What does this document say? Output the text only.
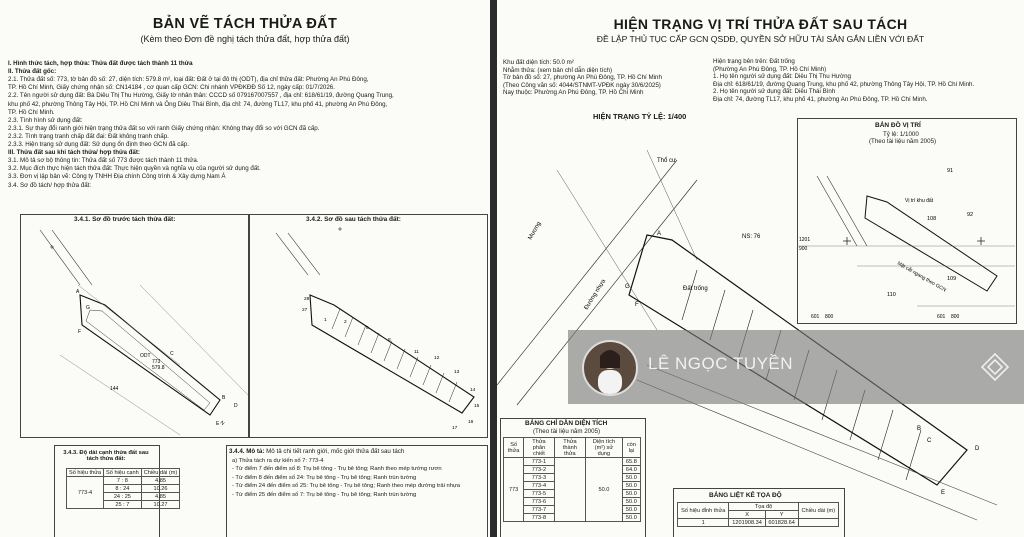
BẢN VẼ TÁCH THỬA ĐẤT
(Kèm theo Đơn đề nghị tách thửa đất, hợp thửa đất)
I. Hình thức tách, hợp thửa: Thửa đất được tách thành 11 thửa
II. Thửa đất gốc:
2.1. Thửa đất số: 773, tờ bản đồ số: 27, diện tích: 579.8 m², loại đất: Đất ở tại đô thị (ODT), địa chỉ thửa đất: Phường An Phú Đông,
TP. Hồ Chí Minh, Giấy chứng nhận số: CN14184 , cơ quan cấp GCN: Chi nhánh VPĐKĐĐ Số 12, ngày cấp: 01/7/2026.
2.2. Tên người sử dụng đất: Bà Diêu Thị Thu Hường, Giấy tờ nhân thân: CCCD số 079167007557 , địa chỉ: 618/61/19, đường Quang Trung,
khu phố 42, phường Thông Tây Hội, TP. Hồ Chí Minh và Ông Diêu Thái Bình, địa chỉ: 74, đường TL17, khu phố 41, phường An Phú Đông,
TP. Hồ Chí Minh.
2.3. Tình hình sử dụng đất:
2.3.1. Sự thay đổi ranh giới hiện trạng thửa đất so với ranh Giấy chứng nhận: Không thay đổi so với GCN đã cấp.
2.3.2. Tình trạng tranh chấp đất đai: Đất không tranh chấp.
2.3.3. Hiện trạng sử dụng đất: Sử dụng ổn định theo GCN đã cấp.
III. Thửa đất sau khi tách thửa/ hợp thửa đất:
3.1. Mô tả sơ bộ thông tin: Thửa đất số 773 được tách thành 11 thửa.
3.2. Mục đích thực hiện tách thửa đất: Thực hiện quyền và nghĩa vụ của người sử dụng đất.
3.3. Đơn vị lập bản vẽ: Công ty TNHH Địa chính Công trình & Xây dựng Nam Á
3.4. Sơ đồ tách/ hợp thửa đất:
3.4.1. Sơ đồ trước tách thửa đất:
ODT
773
579.8
144
A
B
C
D
E
F
G
N
3.4.2. Sơ đồ sau tách thửa đất:
28
27
1	2
5
8
11
12
13
14
15
16
17
3.4.3. Độ dài cạnh thửa đất sau tách thửa đất:
Số hiệu thửa	Số hiệu cạnh	Chiều dài (m)
773-4	7 : 8	4.85
	8 : 24	10.26
	24 : 25	4.85
	25 : 7	10.27
3.4.4. Mô tả: Mô tả chi tiết ranh giới, mốc giới thửa đất sau tách
a) Thửa tách ra dự kiến số 7: 773-4
- Từ điểm 7 đến điểm số 8: Trụ bê tông - Trụ bê tông; Ranh theo mép tường rươn
- Từ điểm 8 đến điểm số 24: Trụ bê tông - Trụ bê tông; Ranh trùn tường
- Từ điểm 24 đến điểm số 25: Trụ bê tông - Trụ bê tông; Ranh theo mép đường trải nhựa
- Từ điểm 25 đến điểm số 7: Trụ bê tông - Trụ bê tông; Ranh trùn tường
HIỆN TRẠNG VỊ TRÍ THỬA ĐẤT SAU TÁCH
ĐỀ LẬP THỦ TỤC CẤP GCN QSDĐ, QUYỀN SỞ HỮU TÀI SẢN GẮN LIỀN VỚI ĐẤT
Khu đất diện tích: 50.0 m²
Nhằm thửa: (xem bản chỉ dẫn diện tích)
Tờ bản đồ số: 27, phường An Phú Đông, TP. Hồ Chí Minh
(Theo Công văn số: 4044/STNMT-VPĐK ngày 30/6/2025)
Nay thuộc: Phường An Phú Đông, TP. Hồ Chí Minh
Hiện trạng bên trên: Đất trống
(Phường An Phú Đông, TP. Hồ Chí Minh)
1. Họ tên người sử dụng đất: Diêu Thị Thu Hường
Địa chỉ: 618/61/19, đường Quang Trung, khu phố 42, phường Thông Tây Hội, TP. Hồ Chí Minh.
2. Họ tên người sử dụng đất: Diêu Thái Bình
Địa chỉ: 74, đường TL17, khu phố 41, phường An Phú Đông, TP. Hồ Chí Minh.
HIỆN TRẠNG TỶ LỆ: 1/400
Thổ cư
Đất trống
NS: 76
Mương
Đường nhựa
A
B
C
D
E
F
G
BẢN ĐỒ VỊ TRÍ
Tỷ lệ: 1/1000
(Theo tài liệu năm 2005)
91
92
108
109
110
Vị trí khu đất
Mặt cắt ngang theo GCN
1201
900
601	601
800	800
BẢNG CHỈ DẪN DIỆN TÍCH
(Theo tài liệu năm 2005)
Số thửa	Thửa phân chiết	Thửa thành thửa	Diện tích (m²) sử dụng	còn lại
773	773-1		50.0	65.8
	773-2			64.0
	773-3			50.0
	773-4			50.0
	773-5			50.0
	773-6			50.0
	773-7			50.0
	773-8			50.0
BẢNG LIỆT KÊ TỌA ĐỘ
Số hiệu đỉnh thửa	Tọa độ		Chiều dài (m)
	X	Y	
1	1201908.34	601828.64	
LÊ NGỌC TUYỀN
